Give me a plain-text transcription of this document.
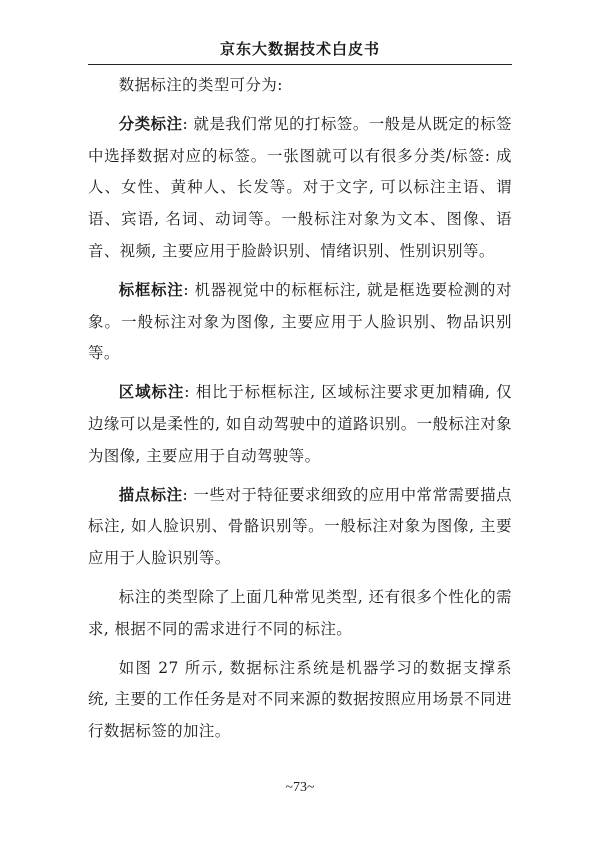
京东大数据技术白皮书

数据标注的类型可分为:

分类标注: 就是我们常见的打标签。一般是从既定的标签中选择数据对应的标签。一张图就可以有很多分类/标签: 成人、女性、黄种人、长发等。对于文字, 可以标注主语、谓语、宾语, 名词、动词等。一般标注对象为文本、图像、语音、视频, 主要应用于脸龄识别、情绪识别、性别识别等。

标框标注: 机器视觉中的标框标注, 就是框选要检测的对象。一般标注对象为图像, 主要应用于人脸识别、物品识别等。

区域标注: 相比于标框标注, 区域标注要求更加精确, 仅边缘可以是柔性的, 如自动驾驶中的道路识别。一般标注对象为图像, 主要应用于自动驾驶等。

描点标注: 一些对于特征要求细致的应用中常常需要描点标注, 如人脸识别、骨骼识别等。一般标注对象为图像, 主要应用于人脸识别等。

标注的类型除了上面几种常见类型, 还有很多个性化的需求, 根据不同的需求进行不同的标注。

如图 27 所示, 数据标注系统是机器学习的数据支撑系统, 主要的工作任务是对不同来源的数据按照应用场景不同进行数据标签的加注。

~73~
